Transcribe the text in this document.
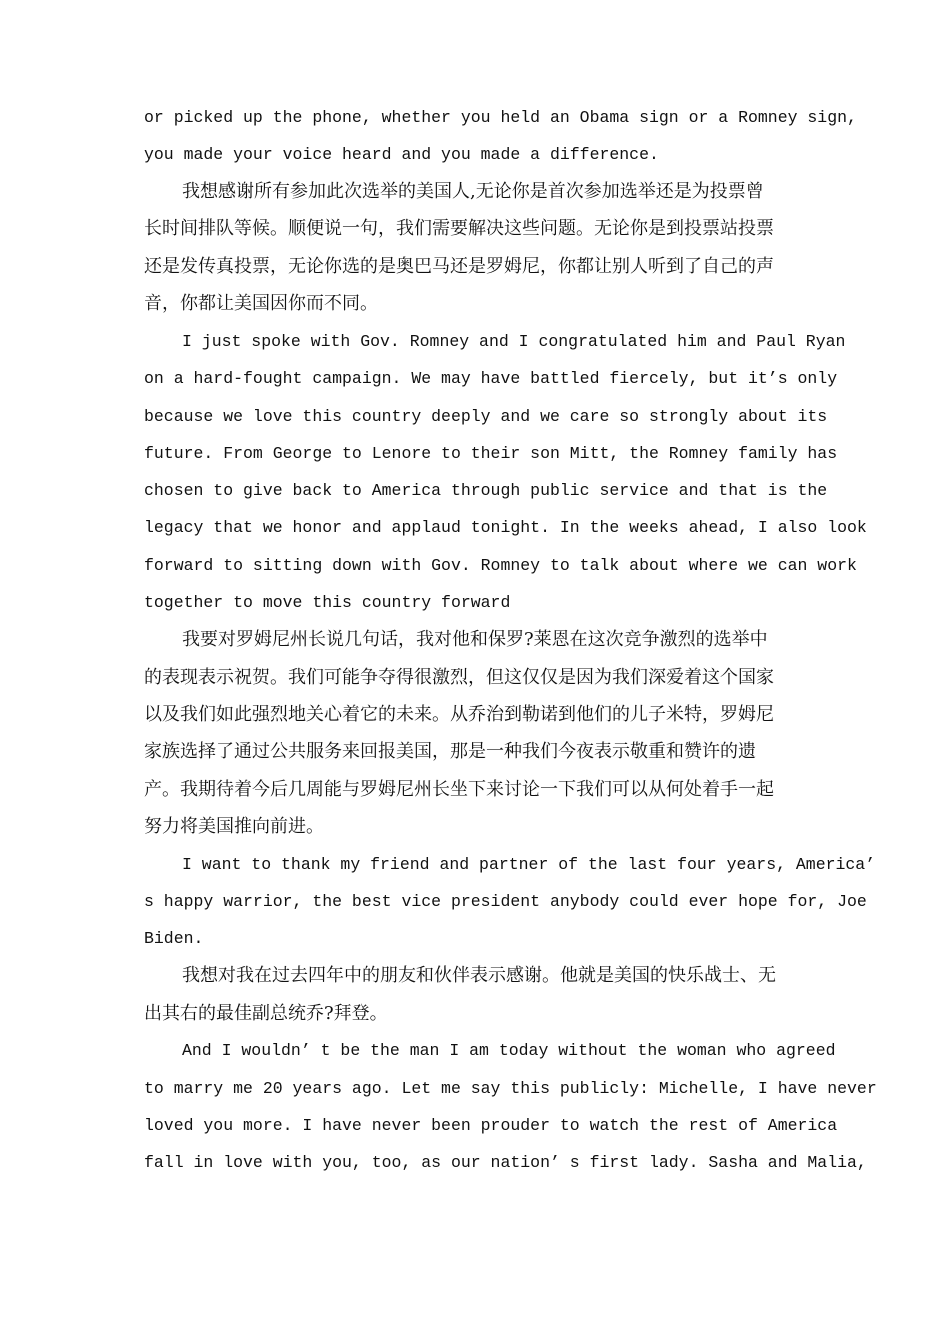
or picked up the phone, whether you held an Obama sign or a Romney sign,
you made your voice heard and you made a difference.
我想感谢所有参加此次选举的美国人,无论你是首次参加选举还是为投票曾
长时间排队等候。顺便说一句，我们需要解决这些问题。无论你是到投票站投票
还是发传真投票，无论你选的是奥巴马还是罗姆尼，你都让别人听到了自己的声
音，你都让美国因你而不同。
I just spoke with Gov. Romney and I congratulated him and Paul Ryan
on a hard-fought campaign. We may have battled fiercely, but it’s only
because we love this country deeply and we care so strongly about its
future. From George to Lenore to their son Mitt, the Romney family has
chosen to give back to America through public service and that is the
legacy that we honor and applaud tonight. In the weeks ahead, I also look
forward to sitting down with Gov. Romney to talk about where we can work
together to move this country forward
我要对罗姆尼州长说几句话，我对他和保罗?莱恩在这次竞争激烈的选举中
的表现表示祝贺。我们可能争夺得很激烈，但这仅仅是因为我们深爱着这个国家
以及我们如此强烈地关心着它的未来。从乔治到勒诺到他们的儿子米特，罗姆尼
家族选择了通过公共服务来回报美国，那是一种我们今夜表示敬重和赞许的遗
产。我期待着今后几周能与罗姆尼州长坐下来讨论一下我们可以从何处着手一起
努力将美国推向前进。
I want to thank my friend and partner of the last four years, America’
s happy warrior, the best vice president anybody could ever hope for, Joe
Biden.
我想对我在过去四年中的朋友和伙伴表示感谢。他就是美国的快乐战士、无
出其右的最佳副总统乔?拜登。
And I wouldn’ t be the man I am today without the woman who agreed
to marry me 20 years ago. Let me say this publicly: Michelle, I have never
loved you more. I have never been prouder to watch the rest of America
fall in love with you, too, as our nation’ s first lady. Sasha and Malia,
